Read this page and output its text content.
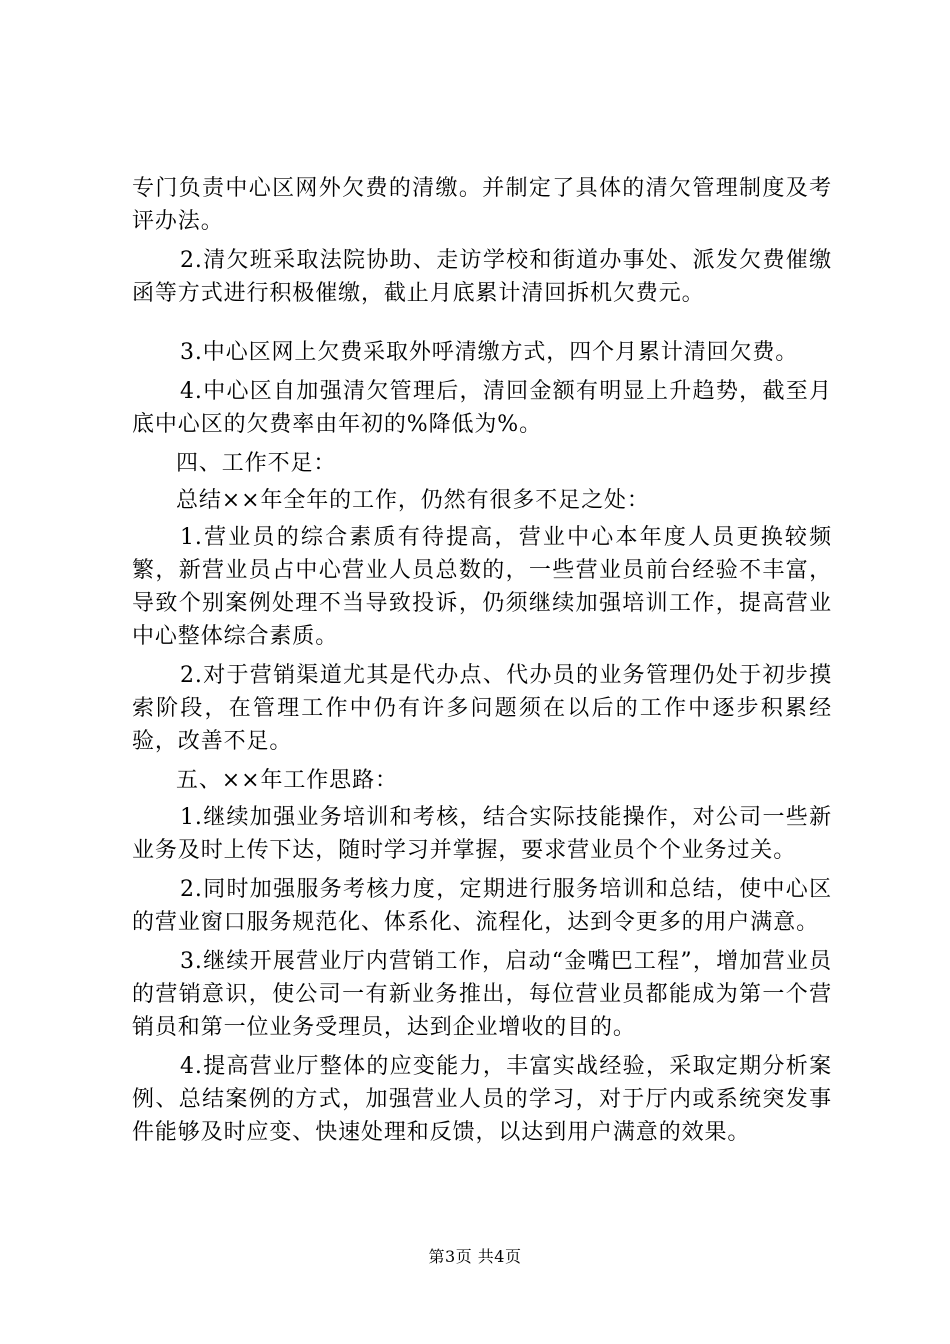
专门负责中心区网外欠费的清缴。并制定了具体的清欠管理制度及考评办法。

2.清欠班采取法院协助、走访学校和街道办事处、派发欠费催缴函等方式进行积极催缴，截止月底累计清回拆机欠费元。

3.中心区网上欠费采取外呼清缴方式，四个月累计清回欠费。

4.中心区自加强清欠管理后，清回金额有明显上升趋势，截至月底中心区的欠费率由年初的%降低为%。

四、工作不足：

总结××年全年的工作，仍然有很多不足之处：

1.营业员的综合素质有待提高，营业中心本年度人员更换较频繁，新营业员占中心营业人员总数的，一些营业员前台经验不丰富，导致个别案例处理不当导致投诉，仍须继续加强培训工作，提高营业中心整体综合素质。

2.对于营销渠道尤其是代办点、代办员的业务管理仍处于初步摸索阶段，在管理工作中仍有许多问题须在以后的工作中逐步积累经验，改善不足。

五、××年工作思路：

1.继续加强业务培训和考核，结合实际技能操作，对公司一些新业务及时上传下达，随时学习并掌握，要求营业员个个业务过关。

2.同时加强服务考核力度，定期进行服务培训和总结，使中心区的营业窗口服务规范化、体系化、流程化，达到令更多的用户满意。

3.继续开展营业厅内营销工作，启动“金嘴巴工程”，增加营业员的营销意识，使公司一有新业务推出，每位营业员都能成为第一个营销员和第一位业务受理员，达到企业增收的目的。

4.提高营业厅整体的应变能力，丰富实战经验，采取定期分析案例、总结案例的方式，加强营业人员的学习，对于厅内或系统突发事件能够及时应变、快速处理和反馈，以达到用户满意的效果。

第3页 共4页
